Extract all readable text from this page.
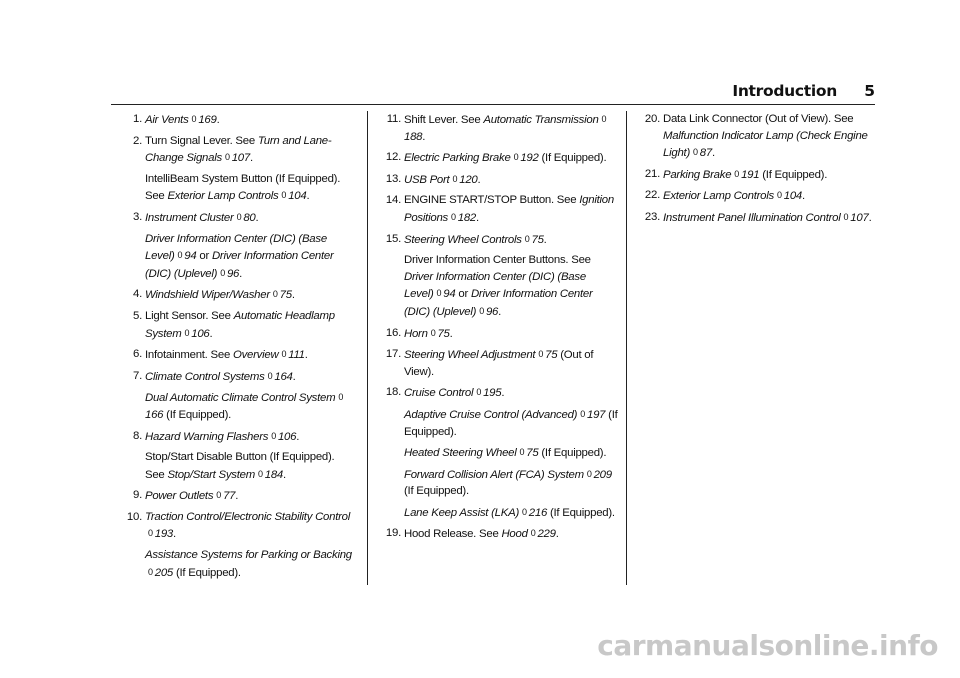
Introduction 5
1. Air Vents 0 169.
2. Turn Signal Lever. See Turn and Lane-Change Signals 0 107.
IntelliBeam System Button (If Equipped). See Exterior Lamp Controls 0 104.
3. Instrument Cluster 0 80.
Driver Information Center (DIC) (Base Level) 0 94 or Driver Information Center (DIC) (Uplevel) 0 96.
4. Windshield Wiper/Washer 0 75.
5. Light Sensor. See Automatic Headlamp System 0 106.
6. Infotainment. See Overview 0 111.
7. Climate Control Systems 0 164.
Dual Automatic Climate Control System 0166 (If Equipped).
8. Hazard Warning Flashers 0 106.
Stop/Start Disable Button (If Equipped). See Stop/Start System 0 184.
9. Power Outlets 0 77.
10. Traction Control/Electronic Stability Control0 193.
Assistance Systems for Parking or Backing0 205 (If Equipped).
11. Shift Lever. See Automatic Transmission 0188.
12. Electric Parking Brake 0 192 (If Equipped).
13. USB Port 0 120.
14. ENGINE START/STOP Button. See Ignition Positions 0 182.
15. Steering Wheel Controls 0 75.
Driver Information Center Buttons. See Driver Information Center (DIC) (Base Level) 0 94 or Driver Information Center (DIC) (Uplevel) 0 96.
16. Horn 0 75.
17. Steering Wheel Adjustment 0 75 (Out of View).
18. Cruise Control 0 195.
Adaptive Cruise Control (Advanced) 0 197 (If Equipped).
Heated Steering Wheel 0 75 (If Equipped).
Forward Collision Alert (FCA) System 0 209 (If Equipped).
Lane Keep Assist (LKA) 0 216 (If Equipped).
19. Hood Release. See Hood 0 229.
20. Data Link Connector (Out of View). See Malfunction Indicator Lamp (Check Engine Light) 0 87.
21. Parking Brake 0 191 (If Equipped).
22. Exterior Lamp Controls 0 104.
23. Instrument Panel Illumination Control 0 107.
carmanualsonline.info
